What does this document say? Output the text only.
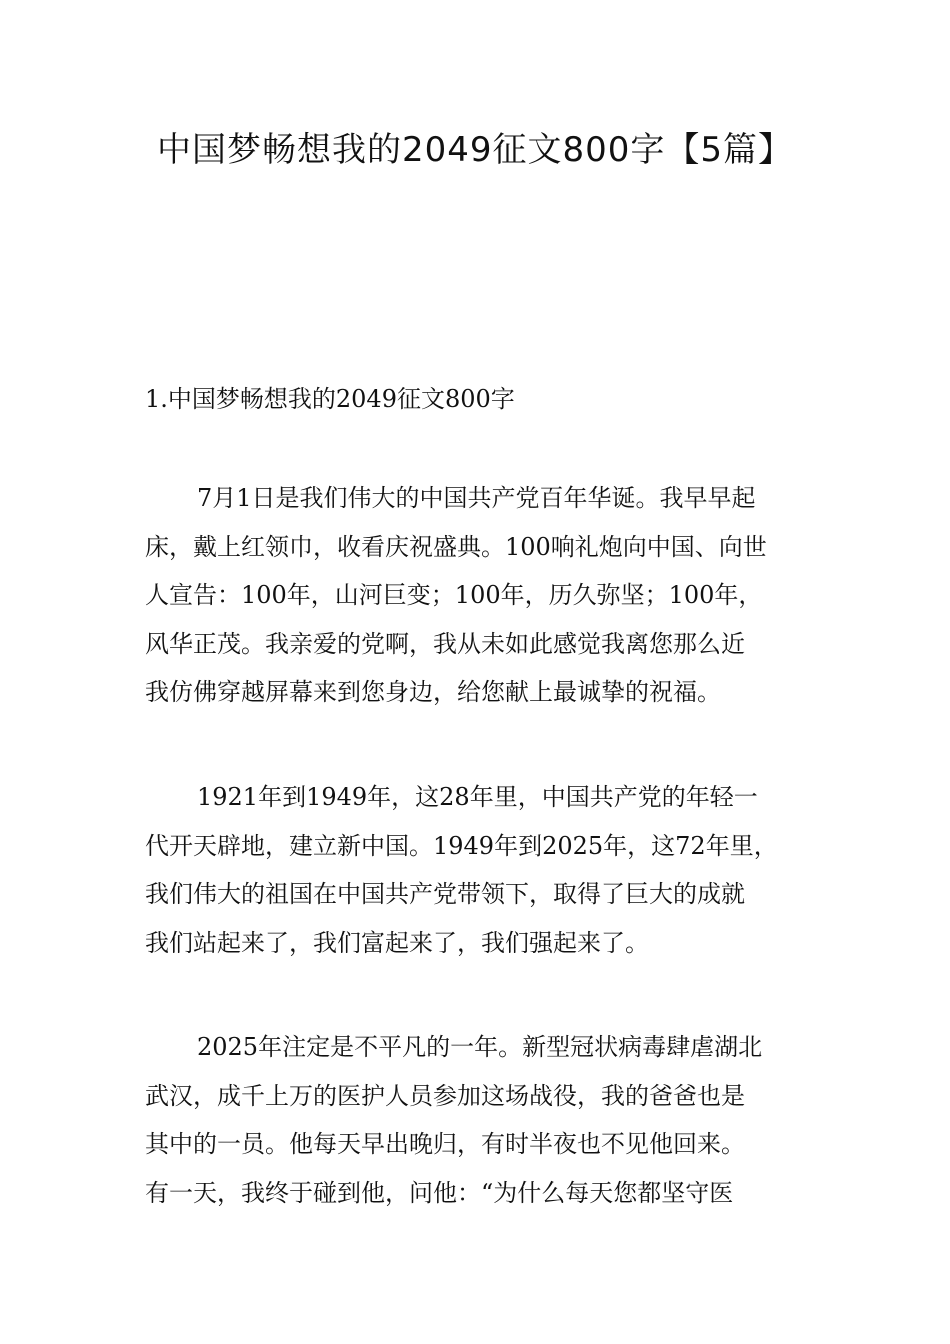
中国梦畅想我的2049征文800字【5篇】
1.中国梦畅想我的2049征文800字
7月1日是我们伟大的中国共产党百年华诞。我早早起
床，戴上红领巾，收看庆祝盛典。100响礼炮向中国、向世
人宣告：100年，山河巨变；100年，历久弥坚；100年，
风华正茂。我亲爱的党啊，我从未如此感觉我离您那么近
我仿佛穿越屏幕来到您身边，给您献上最诚挚的祝福。
1921年到1949年，这28年里，中国共产党的年轻一
代开天辟地，建立新中国。1949年到2025年，这72年里，
我们伟大的祖国在中国共产党带领下，取得了巨大的成就
我们站起来了，我们富起来了，我们强起来了。
2025年注定是不平凡的一年。新型冠状病毒肆虐湖北
武汉，成千上万的医护人员参加这场战役，我的爸爸也是
其中的一员。他每天早出晚归，有时半夜也不见他回来。
有一天，我终于碰到他，问他：“为什么每天您都坚守医
